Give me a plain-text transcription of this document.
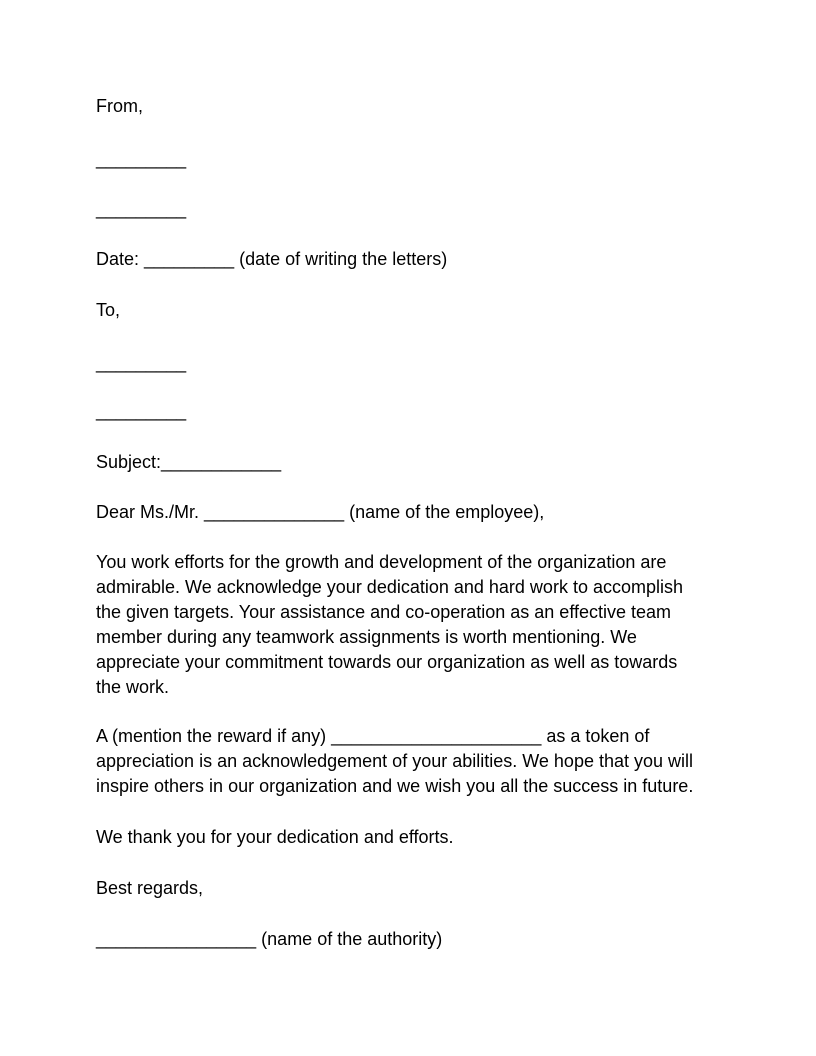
From,
_________
_________
Date: _________ (date of writing the letters)
To,
_________
_________
Subject:____________
Dear Ms./Mr. ______________ (name of the employee),
You work efforts for the growth and development of the organization are
admirable. We acknowledge your dedication and hard work to accomplish
the given targets. Your assistance and co-operation as an effective team
member during any teamwork assignments is worth mentioning. We
appreciate your commitment towards our organization as well as towards
the work.
A (mention the reward if any) _____________________ as a token of
appreciation is an acknowledgement of your abilities. We hope that you will
inspire others in our organization and we wish you all the success in future.
We thank you for your dedication and efforts.
Best regards,
________________ (name of the authority)
